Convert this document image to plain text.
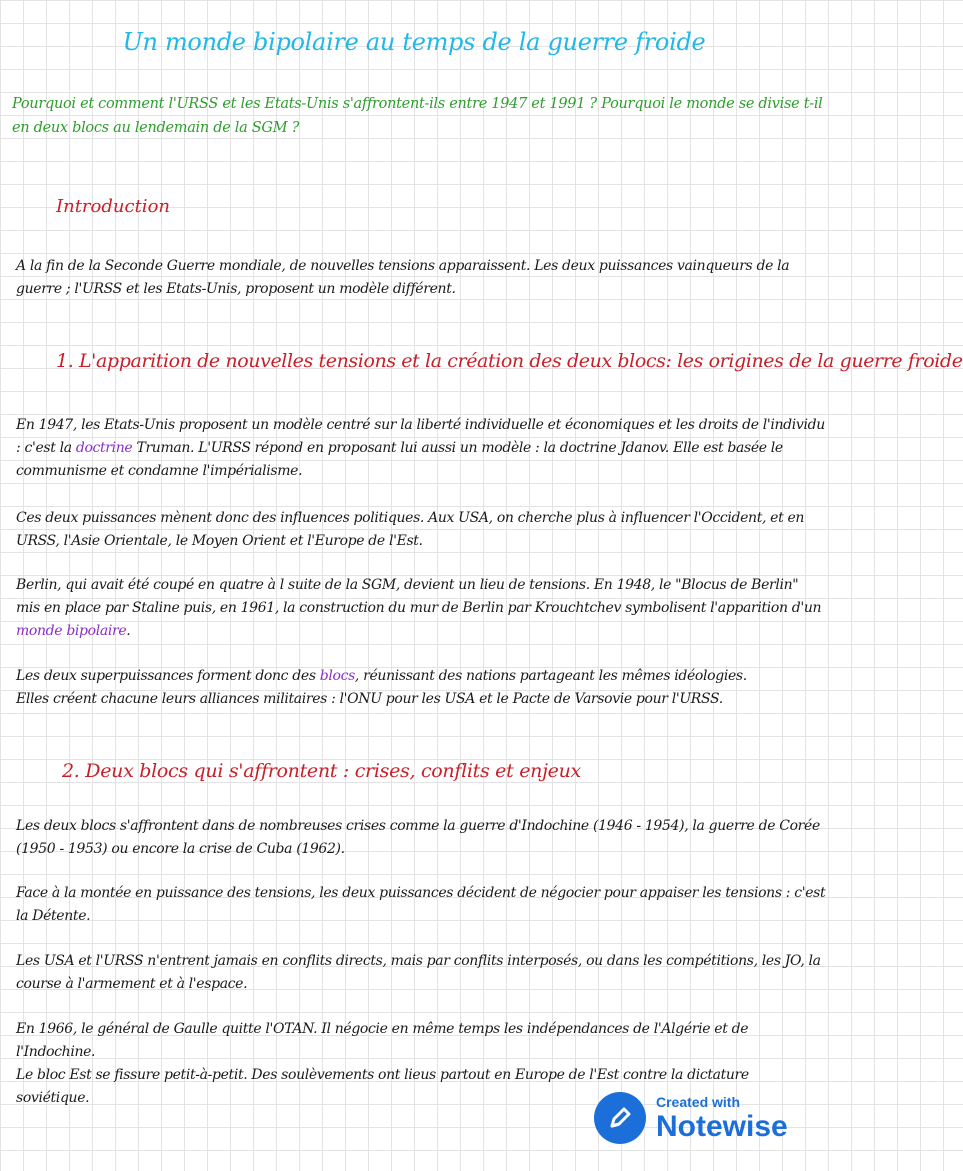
Un monde bipolaire au temps de la guerre froide
Pourquoi et comment l'URSS et les Etats-Unis s'affrontent-ils entre 1947 et 1991 ? Pourquoi le monde se divise t-il en deux blocs au lendemain de la SGM ?
Introduction
A la fin de la Seconde Guerre mondiale, de nouvelles tensions apparaissent. Les deux puissances vainqueurs de la guerre ; l'URSS et les Etats-Unis, proposent un modèle différent.
1. L'apparition de nouvelles tensions et la création des deux blocs: les origines de la guerre froide
En 1947, les Etats-Unis proposent un modèle centré sur la liberté individuelle et économiques et les droits de l'individu : c'est la doctrine Truman. L'URSS répond en proposant lui aussi un modèle : la doctrine Jdanov. Elle est basée le communisme et condamne l'impérialisme.
Ces deux puissances mènent donc des influences politiques. Aux USA, on cherche plus à influencer l'Occident, et en URSS, l'Asie Orientale, le Moyen Orient et l'Europe de l'Est.
Berlin, qui avait été coupé en quatre à l suite de la SGM, devient un lieu de tensions. En 1948, le "Blocus de Berlin" mis en place par Staline puis, en 1961, la construction du mur de Berlin par Krouchtchev symbolisent l'apparition d'un monde bipolaire.
Les deux superpuissances forment donc des blocs, réunissant des nations partageant les mêmes idéologies.
Elles créent chacune leurs alliances militaires : l'ONU pour les USA et le Pacte de Varsovie pour l'URSS.
2. Deux blocs qui s'affrontent : crises, conflits et enjeux
Les deux blocs s'affrontent dans de nombreuses crises comme la guerre d'Indochine (1946 - 1954), la guerre de Corée (1950 - 1953) ou encore la crise de Cuba (1962).
Face à la montée en puissance des tensions, les deux puissances décident de négocier pour appaiser les tensions : c'est la Détente.
Les USA et l'URSS n'entrent jamais en conflits directs, mais par conflits interposés, ou dans les compétitions, les JO, la course à l'armement et à l'espace.
En 1966, le général de Gaulle quitte l'OTAN. Il négocie en même temps les indépendances de l'Algérie et de l'Indochine.
Le bloc Est se fissure petit-à-petit. Des soulèvements ont lieus partout en Europe de l'Est contre la dictature soviétique.	Created with
Notewise
